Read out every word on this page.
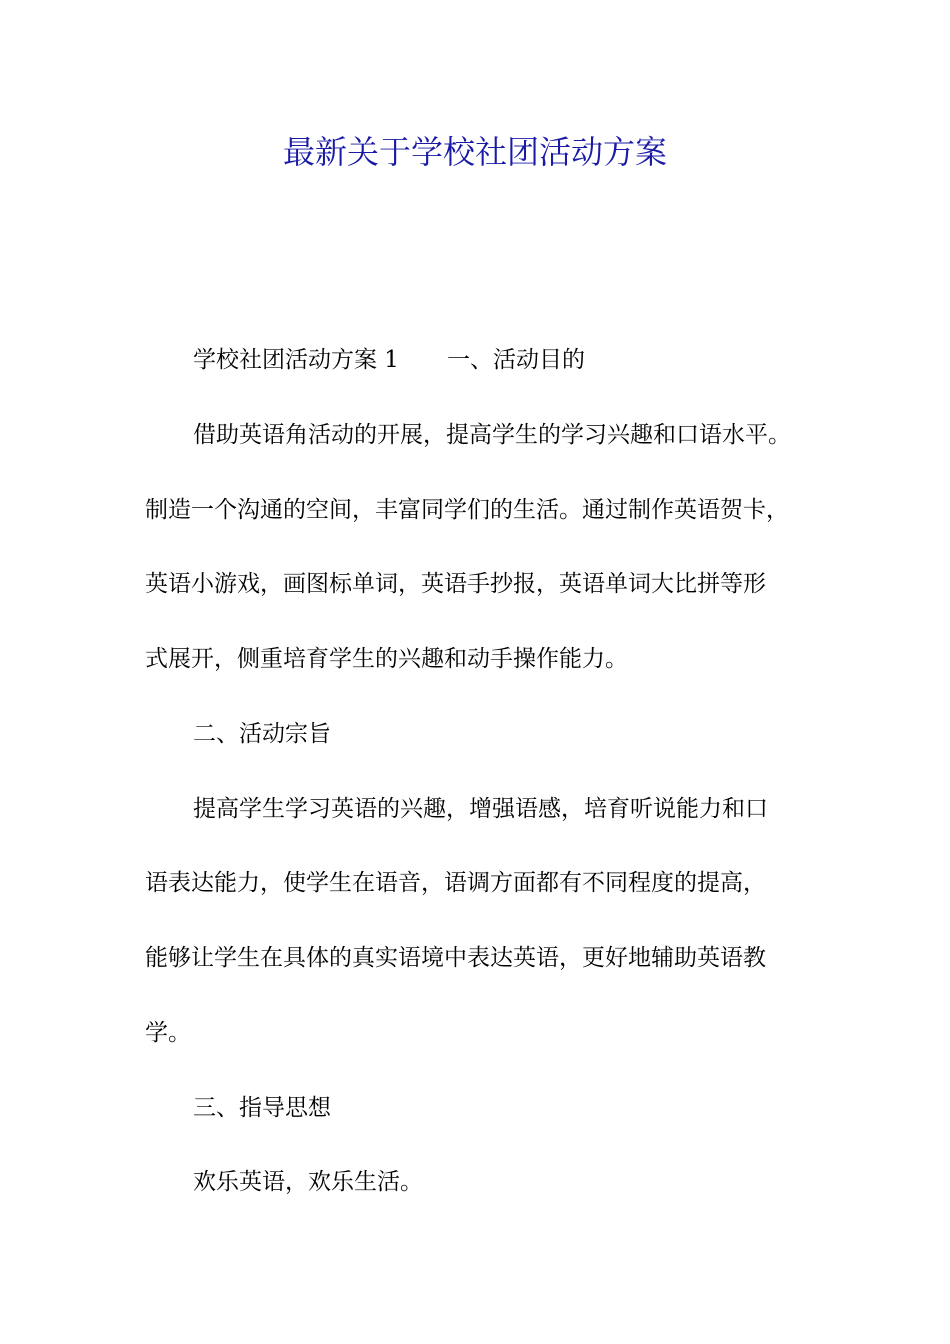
最新关于学校社团活动方案

学校社团活动方案 1 一、活动目的

借助英语角活动的开展，提高学生的学习兴趣和口语水平。

制造一个沟通的空间，丰富同学们的生活。通过制作英语贺卡，

英语小游戏，画图标单词，英语手抄报，英语单词大比拼等形

式展开，侧重培育学生的兴趣和动手操作能力。

二、活动宗旨

提高学生学习英语的兴趣，增强语感，培育听说能力和口

语表达能力，使学生在语音，语调方面都有不同程度的提高，

能够让学生在具体的真实语境中表达英语，更好地辅助英语教

学。

三、指导思想

欢乐英语，欢乐生活。
